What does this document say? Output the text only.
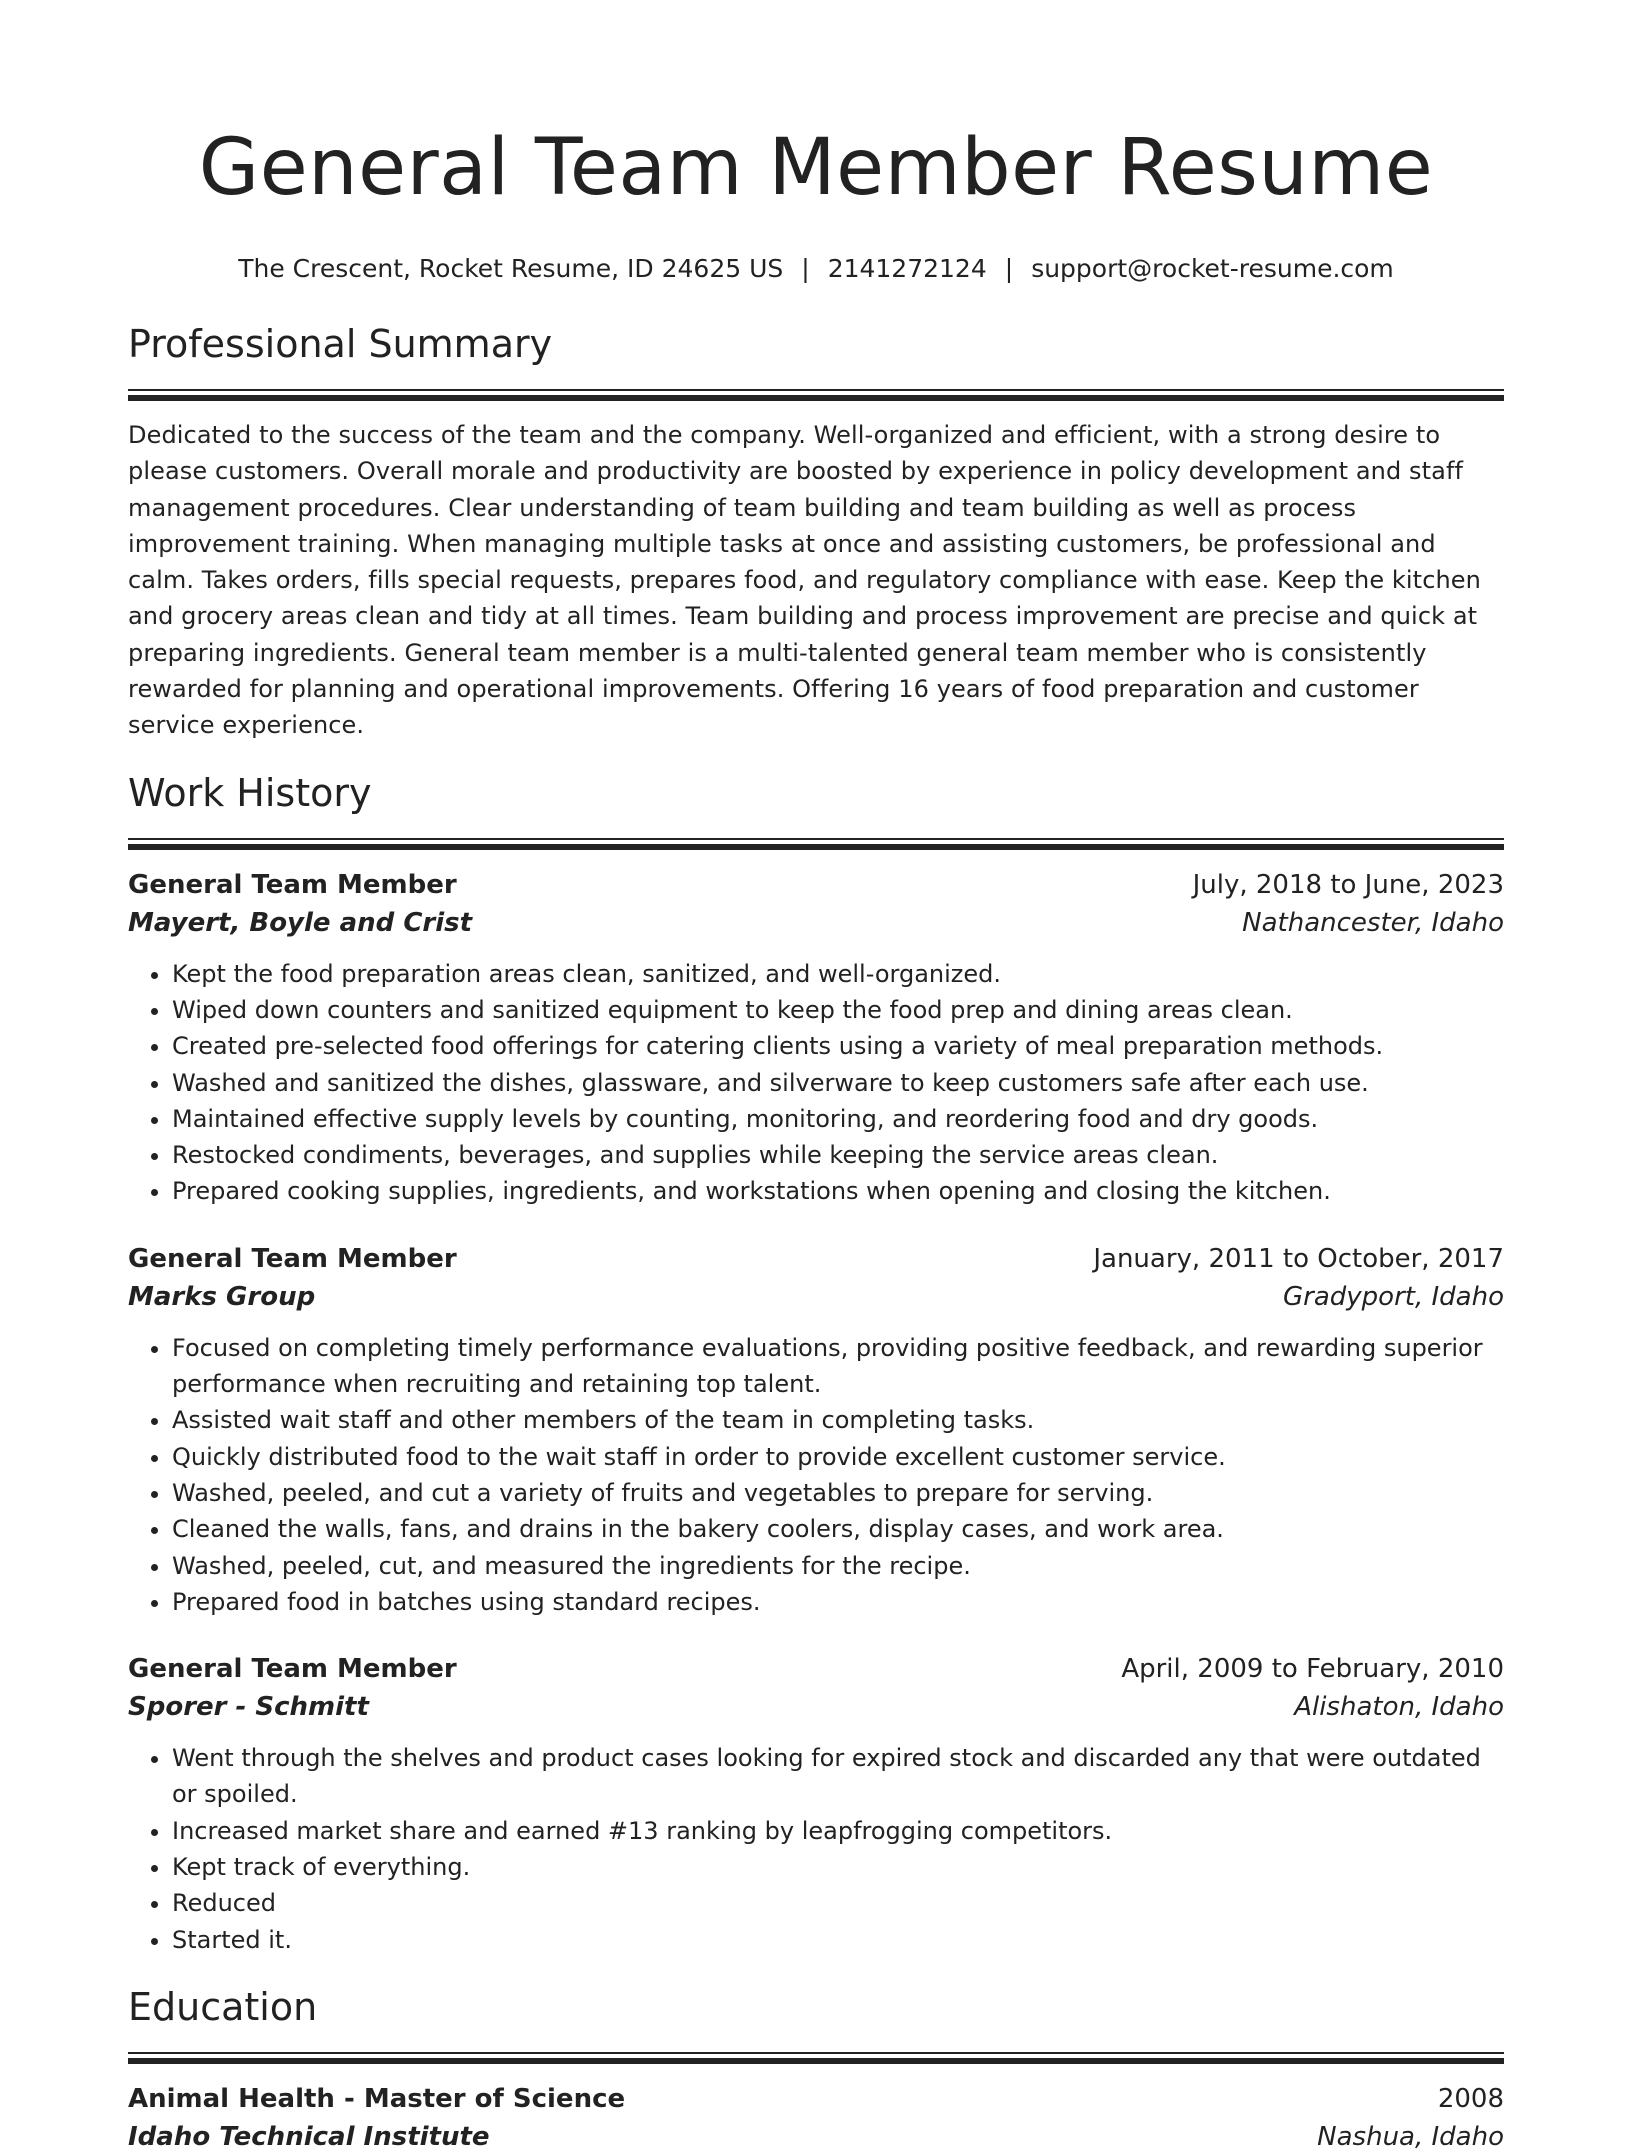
General Team Member Resume
The Crescent, Rocket Resume, ID 24625 US | 2141272124 | support@rocket-resume.com
Professional Summary

Dedicated to the success of the team and the company. Well-organized and efficient, with a strong desire to please customers. Overall morale and productivity are boosted by experience in policy development and staff management procedures. Clear understanding of team building and team building as well as process improvement training. When managing multiple tasks at once and assisting customers, be professional and calm. Takes orders, fills special requests, prepares food, and regulatory compliance with ease. Keep the kitchen and grocery areas clean and tidy at all times. Team building and process improvement are precise and quick at preparing ingredients. General team member is a multi-talented general team member who is consistently rewarded for planning and operational improvements. Offering 16 years of food preparation and customer service experience.

Work History
General Team Member	July, 2018 to June, 2023
Mayert, Boyle and Crist	Nathancester, Idaho
• Kept the food preparation areas clean, sanitized, and well-organized.
• Wiped down counters and sanitized equipment to keep the food prep and dining areas clean.
• Created pre-selected food offerings for catering clients using a variety of meal preparation methods.
• Washed and sanitized the dishes, glassware, and silverware to keep customers safe after each use.
• Maintained effective supply levels by counting, monitoring, and reordering food and dry goods.
• Restocked condiments, beverages, and supplies while keeping the service areas clean.
• Prepared cooking supplies, ingredients, and workstations when opening and closing the kitchen.
General Team Member	January, 2011 to October, 2017
Marks Group	Gradyport, Idaho
• Focused on completing timely performance evaluations, providing positive feedback, and rewarding superior performance when recruiting and retaining top talent.
• Assisted wait staff and other members of the team in completing tasks.
• Quickly distributed food to the wait staff in order to provide excellent customer service.
• Washed, peeled, and cut a variety of fruits and vegetables to prepare for serving.
• Cleaned the walls, fans, and drains in the bakery coolers, display cases, and work area.
• Washed, peeled, cut, and measured the ingredients for the recipe.
• Prepared food in batches using standard recipes.
General Team Member	April, 2009 to February, 2010
Sporer - Schmitt	Alishaton, Idaho
• Went through the shelves and product cases looking for expired stock and discarded any that were outdated or spoiled.
• Increased market share and earned #13 ranking by leapfrogging competitors.
• Kept track of everything.
• Reduced
• Started it.
Education
Animal Health - Master of Science	2008
Idaho Technical Institute	Nashua, Idaho
